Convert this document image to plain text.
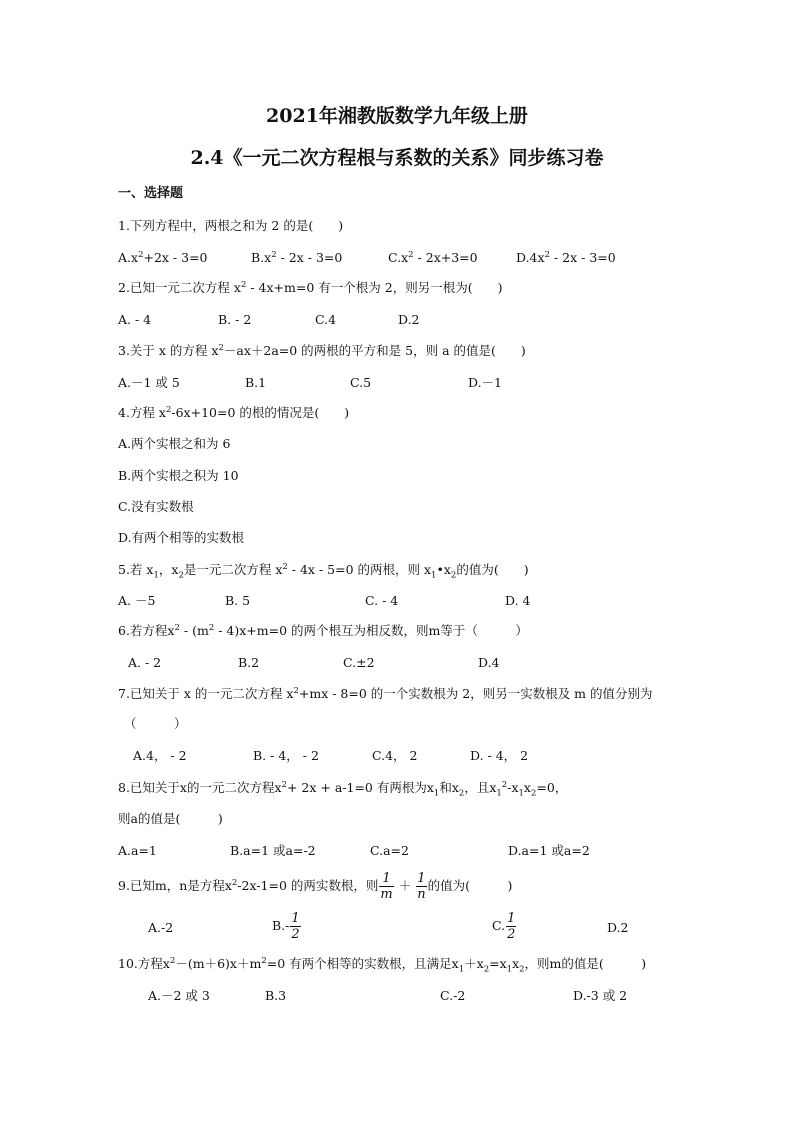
2021年湘教版数学九年级上册
2.4《一元二次方程根与系数的关系》同步练习卷
一、选择题
1.下列方程中，两根之和为 2 的是(　　)
$A.x^2+2x - 3=0$	$B.x^2 - 2x - 3=0$	$C.x^2 - 2x+3=0$	$D.4x^2 - 2x - 3=0$
2.已知一元二次方程 $x^2 - 4x+m=0$ 有一个根为 2，则另一根为(　　)
A. - 4	B. - 2	C.4	D.2
3.关于 x 的方程 $x^2-ax+2a=0$ 的两根的平方和是 5，则 a 的值是(　　)
A.－1 或 5	B.1	C.5	D.－1
4.方程 $x^2-6x+10=0$ 的根的情况是(　　)
A.两个实根之和为 6
B.两个实根之积为 10
C.没有实数根
D.有两个相等的实数根
5.若 $x_1$，$x_2$是一元二次方程 $x^2 - 4x - 5=0$ 的两根，则 $x_1•x_2$的值为(　　)
A. －5	B. 5	C. - 4	D. 4
6.若方程$x^2 - (m^2 - 4)x+m=0$ 的两个根互为相反数，则m等于（　　　）
A. - 2	B.2	C.±2	D.4
7.已知关于 x 的一元二次方程 $x^2+mx - 8=0$ 的一个实数根为 2，则另一实数根及 m 的值分别为
（　　　）
A.4， - 2	B. - 4， - 2	C.4， 2	D. - 4， 2
8.已知关于x的一元二次方程$x^2+ 2x + a-1=0$ 有两根为$x_1$和$x_2$，且$x_1^2-x_1x_2=0$，
则a的值是(　　　)
A.a=1	B.a=1 或a=-2	C.a=2	D.a=1 或a=2
9.已知m，n是方程$x^2-2x-1=0$ 的两实数根，则 $\frac{1}{m} + \frac{1}{n}$ 的值为(　　　)
A.-2	$B.- \frac{1}{2}$	C. $\frac{1}{2}$	D.2
10.方程$x^2-(m+6)x+m^2=0$ 有两个相等的实数根，且满足$x_1+x_2=x_1x_2$，则m的值是(　　　)
A.－2 或 3	B.3	C.-2	D.-3 或 2
